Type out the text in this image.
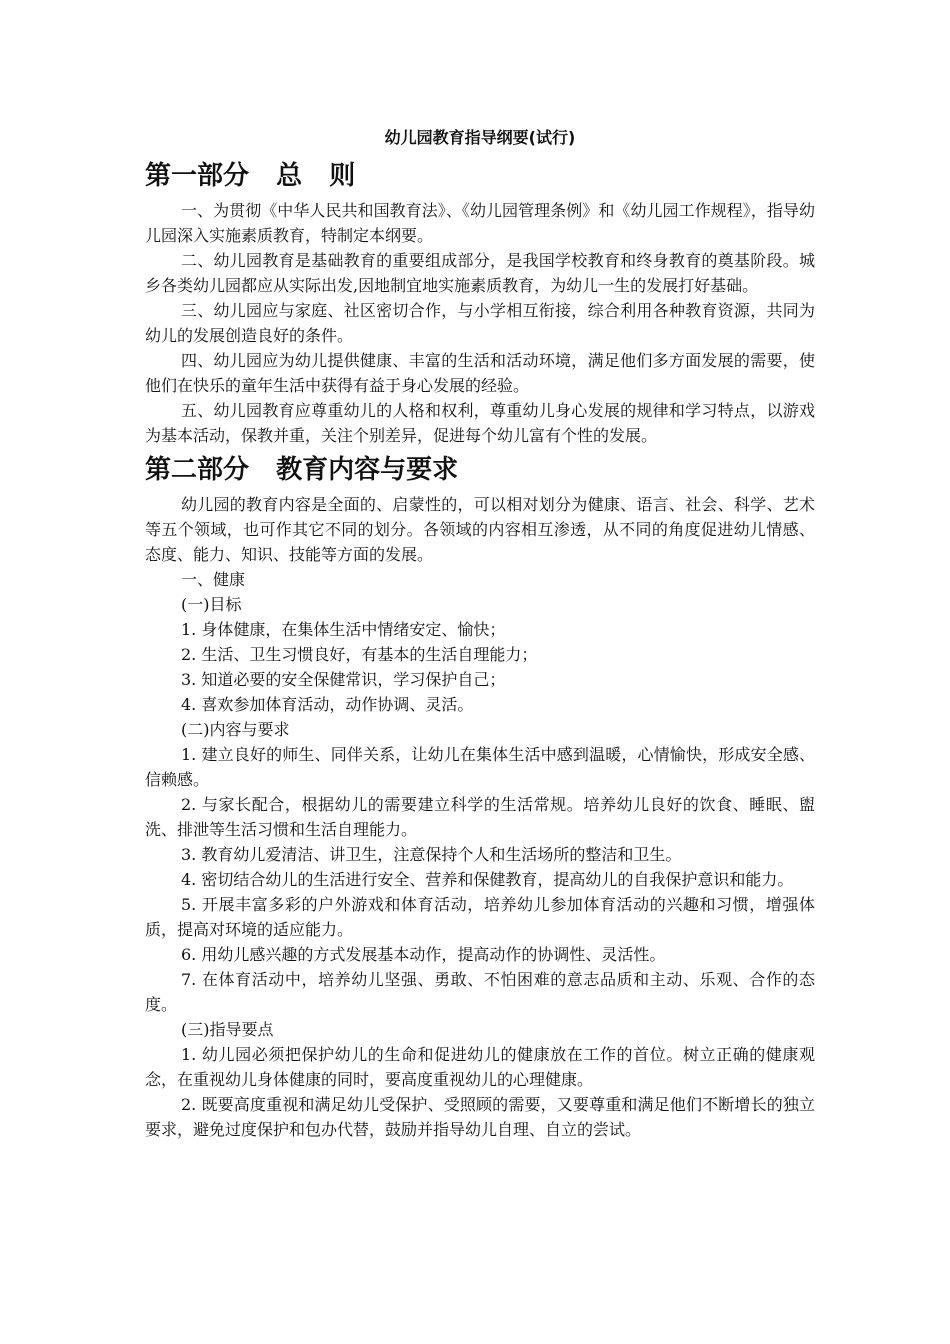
幼儿园教育指导纲要(试行)
第一部分   总   则

一、为贯彻《中华人民共和国教育法》、《幼儿园管理条例》和《幼儿园工作规程》，指导幼儿园深入实施素质教育，特制定本纲要。

二、幼儿园教育是基础教育的重要组成部分，是我国学校教育和终身教育的奠基阶段。城乡各类幼儿园都应从实际出发,因地制宜地实施素质教育，为幼儿一生的发展打好基础。

三、幼儿园应与家庭、社区密切合作，与小学相互衔接，综合利用各种教育资源，共同为幼儿的发展创造良好的条件。

四、幼儿园应为幼儿提供健康、丰富的生活和活动环境，满足他们多方面发展的需要，使他们在快乐的童年生活中获得有益于身心发展的经验。

五、幼儿园教育应尊重幼儿的人格和权利，尊重幼儿身心发展的规律和学习特点，以游戏为基本活动，保教并重，关注个别差异，促进每个幼儿富有个性的发展。

第二部分   教育内容与要求

幼儿园的教育内容是全面的、启蒙性的，可以相对划分为健康、语言、社会、科学、艺术等五个领域，也可作其它不同的划分。各领域的内容相互渗透，从不同的角度促进幼儿情感、态度、能力、知识、技能等方面的发展。

一、健康

(一)目标

1. 身体健康，在集体生活中情绪安定、愉快；

2. 生活、卫生习惯良好，有基本的生活自理能力；

3. 知道必要的安全保健常识，学习保护自己；

4. 喜欢参加体育活动，动作协调、灵活。

(二)内容与要求

1. 建立良好的师生、同伴关系，让幼儿在集体生活中感到温暖，心情愉快，形成安全感、信赖感。

2. 与家长配合，根据幼儿的需要建立科学的生活常规。培养幼儿良好的饮食、睡眠、盥洗、排泄等生活习惯和生活自理能力。

3. 教育幼儿爱清洁、讲卫生，注意保持个人和生活场所的整洁和卫生。

4. 密切结合幼儿的生活进行安全、营养和保健教育，提高幼儿的自我保护意识和能力。

5. 开展丰富多彩的户外游戏和体育活动，培养幼儿参加体育活动的兴趣和习惯，增强体质，提高对环境的适应能力。

6. 用幼儿感兴趣的方式发展基本动作，提高动作的协调性、灵活性。

7. 在体育活动中，培养幼儿坚强、勇敢、不怕困难的意志品质和主动、乐观、合作的态度。

(三)指导要点

1. 幼儿园必须把保护幼儿的生命和促进幼儿的健康放在工作的首位。树立正确的健康观念，在重视幼儿身体健康的同时，要高度重视幼儿的心理健康。

2. 既要高度重视和满足幼儿受保护、受照顾的需要，又要尊重和满足他们不断增长的独立要求，避免过度保护和包办代替，鼓励并指导幼儿自理、自立的尝试。
